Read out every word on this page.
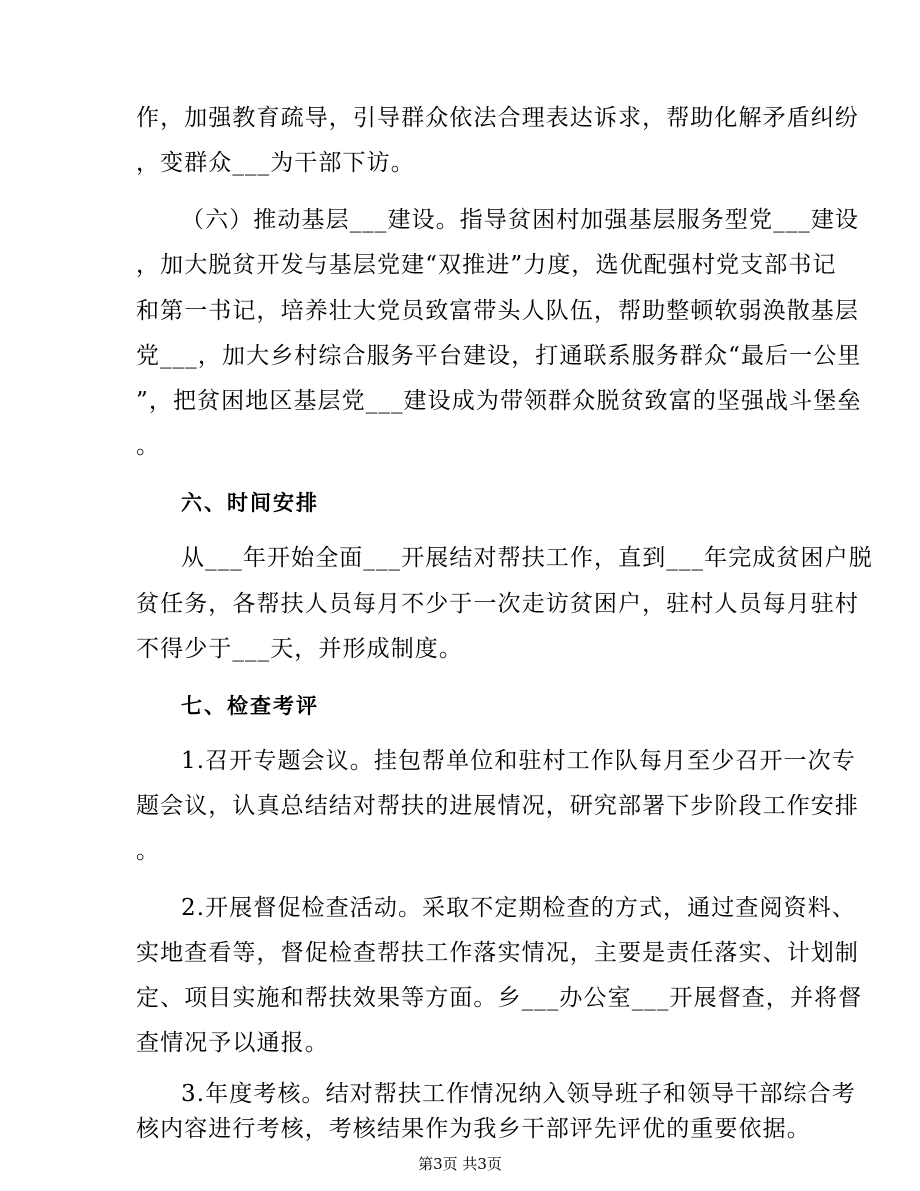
作，加强教育疏导，引导群众依法合理表达诉求，帮助化解矛盾纠纷
，变群众___为干部下访。
（六）推动基层___建设。指导贫困村加强基层服务型党___建设
，加大脱贫开发与基层党建“双推进”力度，选优配强村党支部书记
和第一书记，培养壮大党员致富带头人队伍，帮助整顿软弱涣散基层
党___，加大乡村综合服务平台建设，打通联系服务群众“最后一公里
”，把贫困地区基层党___建设成为带领群众脱贫致富的坚强战斗堡垒
。
六、时间安排
从___年开始全面___开展结对帮扶工作，直到___年完成贫困户脱
贫任务，各帮扶人员每月不少于一次走访贫困户，驻村人员每月驻村
不得少于___天，并形成制度。
七、检查考评
1.召开专题会议。挂包帮单位和驻村工作队每月至少召开一次专
题会议，认真总结结对帮扶的进展情况，研究部署下步阶段工作安排
。
2.开展督促检查活动。采取不定期检查的方式，通过查阅资料、
实地查看等，督促检查帮扶工作落实情况，主要是责任落实、计划制
定、项目实施和帮扶效果等方面。乡___办公室___开展督查，并将督
查情况予以通报。
3.年度考核。结对帮扶工作情况纳入领导班子和领导干部综合考
核内容进行考核，考核结果作为我乡干部评先评优的重要依据。
第3页 共3页
